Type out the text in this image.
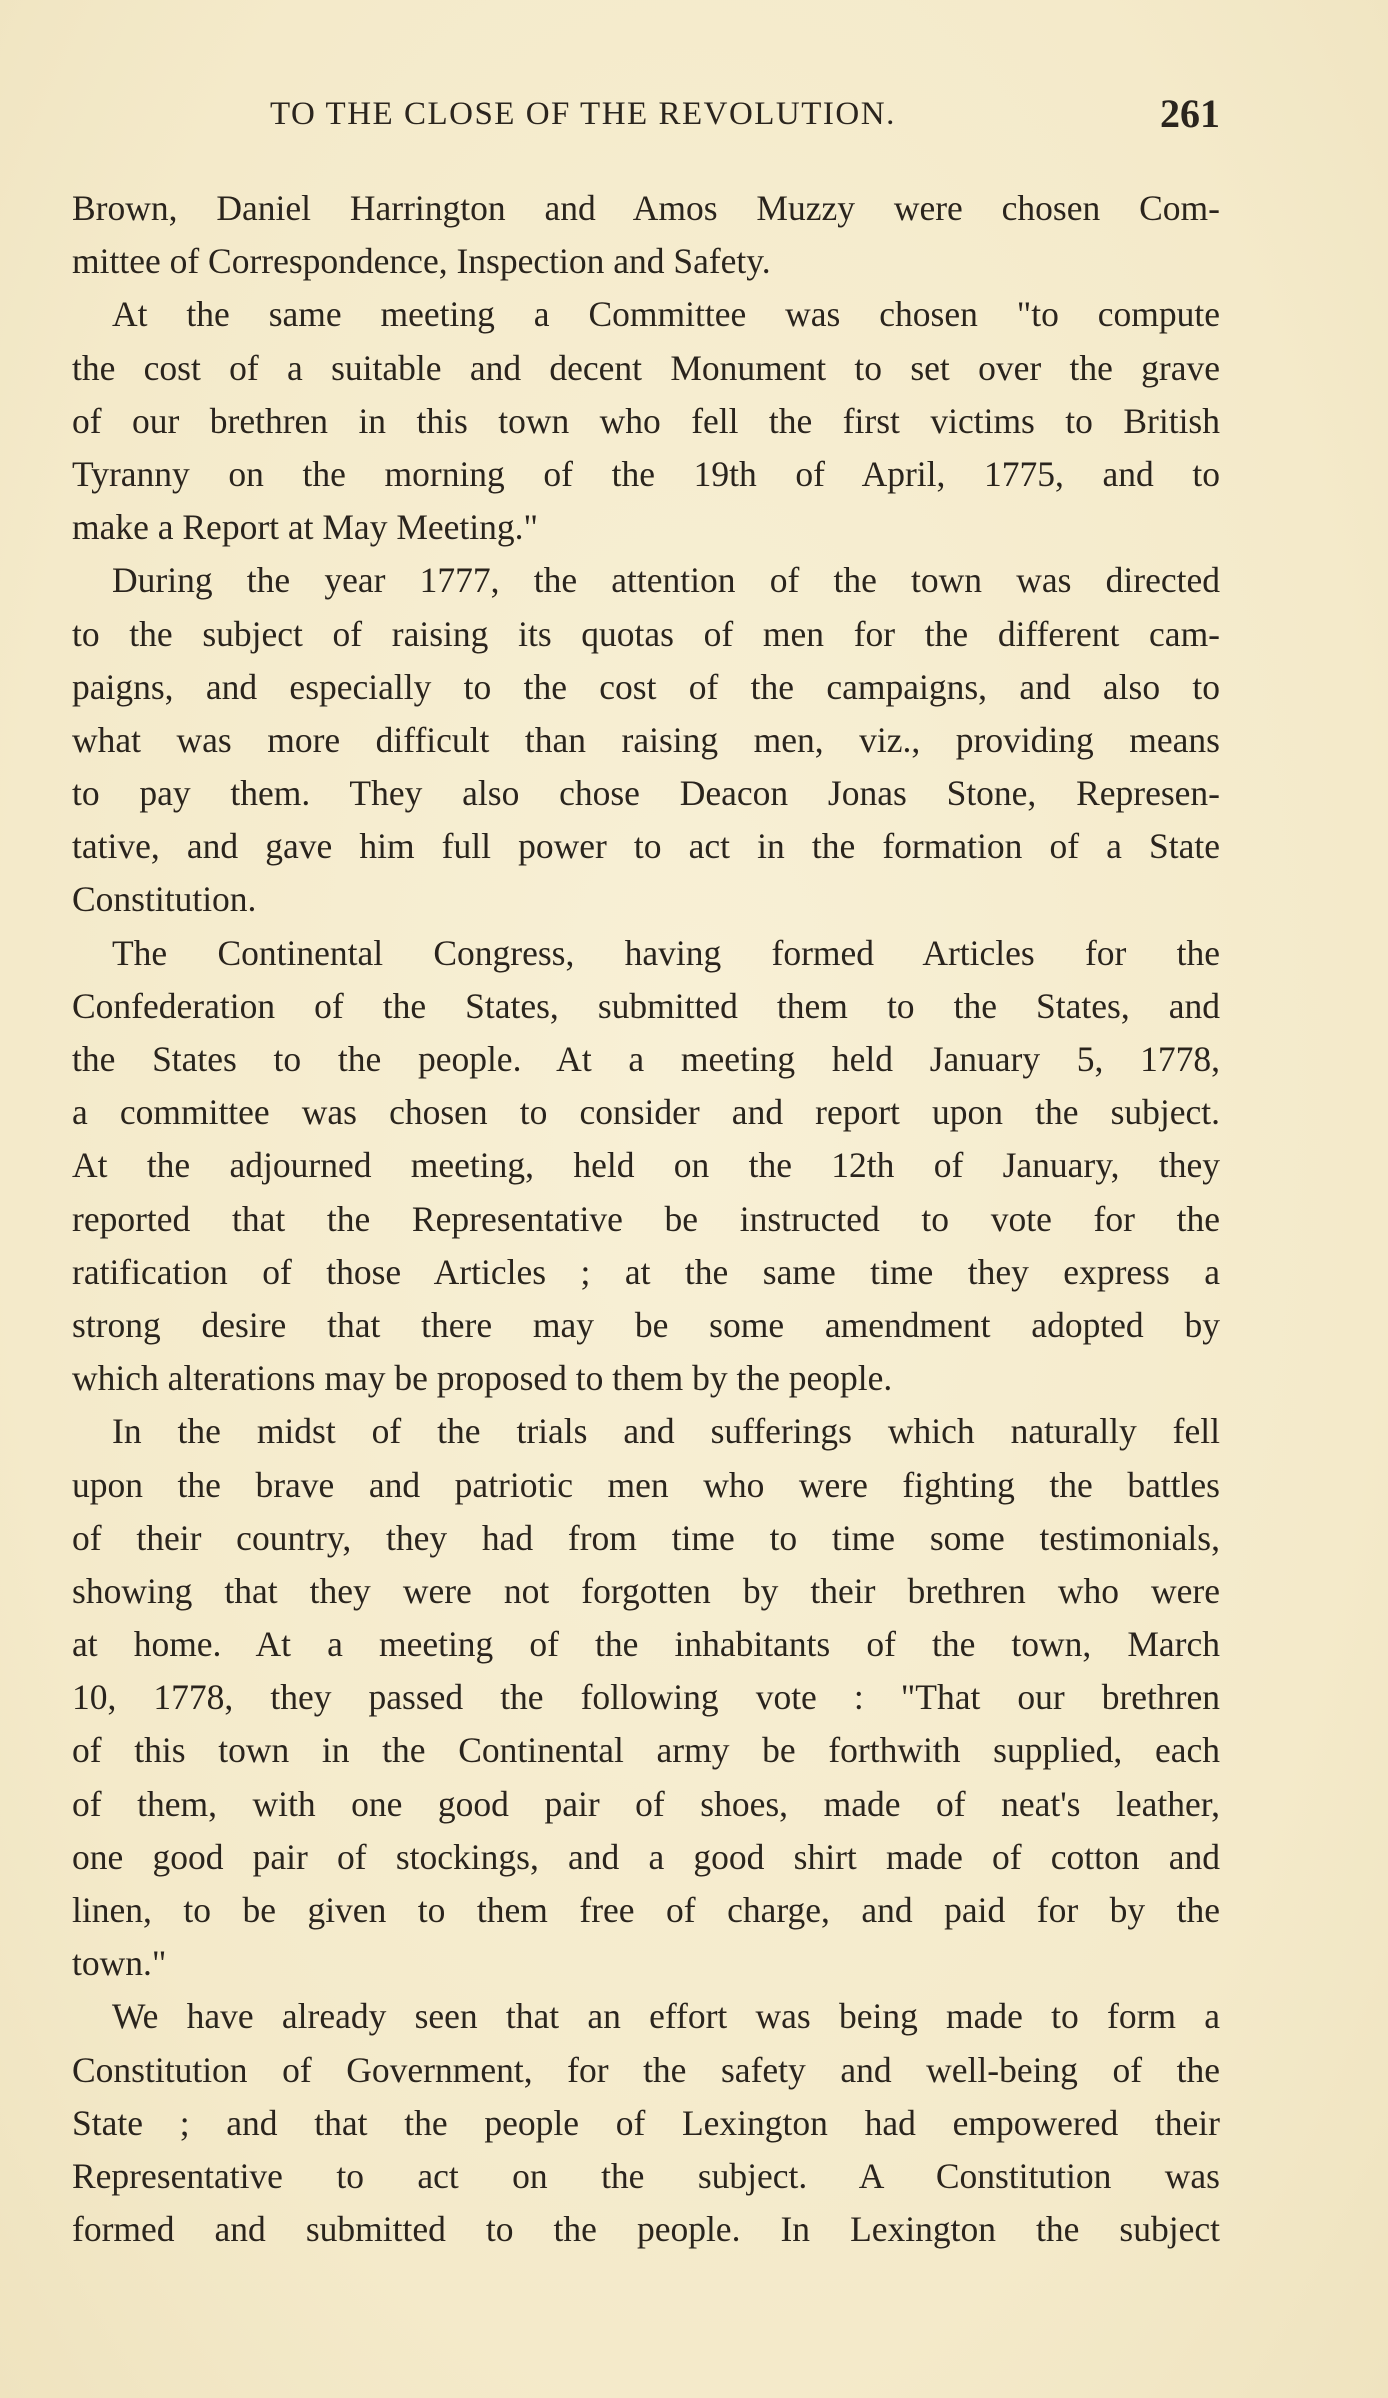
TO THE CLOSE OF THE REVOLUTION.	261
Brown, Daniel Harrington and Amos Muzzy were chosen Com-
mittee of Correspondence, Inspection and Safety.
At the same meeting a Committee was chosen "to compute
the cost of a suitable and decent Monument to set over the grave
of our brethren in this town who fell the first victims to British
Tyranny on the morning of the 19th of April, 1775, and to
make a Report at May Meeting."
During the year 1777, the attention of the town was directed
to the subject of raising its quotas of men for the different cam-
paigns, and especially to the cost of the campaigns, and also to
what was more difficult than raising men, viz., providing means
to pay them. They also chose Deacon Jonas Stone, Represen-
tative, and gave him full power to act in the formation of a State
Constitution.
The Continental Congress, having formed Articles for the
Confederation of the States, submitted them to the States, and
the States to the people. At a meeting held January 5, 1778,
a committee was chosen to consider and report upon the subject.
At the adjourned meeting, held on the 12th of January, they
reported that the Representative be instructed to vote for the
ratification of those Articles ; at the same time they express a
strong desire that there may be some amendment adopted by
which alterations may be proposed to them by the people.
In the midst of the trials and sufferings which naturally fell
upon the brave and patriotic men who were fighting the battles
of their country, they had from time to time some testimonials,
showing that they were not forgotten by their brethren who were
at home. At a meeting of the inhabitants of the town, March
10, 1778, they passed the following vote : "That our brethren
of this town in the Continental army be forthwith supplied, each
of them, with one good pair of shoes, made of neat's leather,
one good pair of stockings, and a good shirt made of cotton and
linen, to be given to them free of charge, and paid for by the
town."
We have already seen that an effort was being made to form a
Constitution of Government, for the safety and well-being of the
State ; and that the people of Lexington had empowered their
Representative to act on the subject. A Constitution was
formed and submitted to the people. In Lexington the subject
